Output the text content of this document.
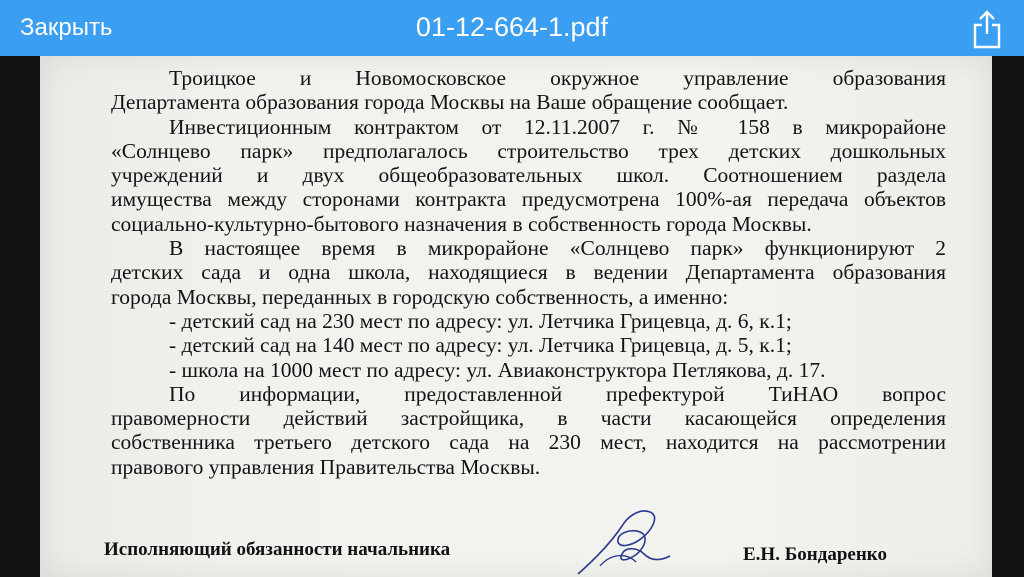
Закрыть	01-12-664-1.pdf

Троицкое и Новомосковское окружное управление образования
Департамента образования города Москвы на Ваше обращение сообщает.

Инвестиционным контрактом от 12.11.2007 г. № 158 в микрорайоне
«Солнцево парк» предполагалось строительство трех детских дошкольных
учреждений и двух общеобразовательных школ. Соотношением раздела
имущества между сторонами контракта предусмотрена 100%-ая передача объектов
социально-культурно-бытового назначения в собственность города Москвы.

В настоящее время в микрорайоне «Солнцево парк» функционируют 2
детских сада и одна школа, находящиеся в ведении Департамента образования
города Москвы, переданных в городскую собственность, а именно:

- детский сад на 230 мест по адресу: ул. Летчика Грицевца, д. 6, к.1;
- детский сад на 140 мест по адресу: ул. Летчика Грицевца, д. 5, к.1;
- школа на 1000 мест по адресу: ул. Авиаконструктора Петлякова, д. 17.

По информации, предоставленной префектурой ТиНАО вопрос
правомерности действий застройщика, в части касающейся определения
собственника третьего детского сада на 230 мест, находится на рассмотрении
правового управления Правительства Москвы.

Исполняющий обязанности начальника	Е.Н. Бондаренко
